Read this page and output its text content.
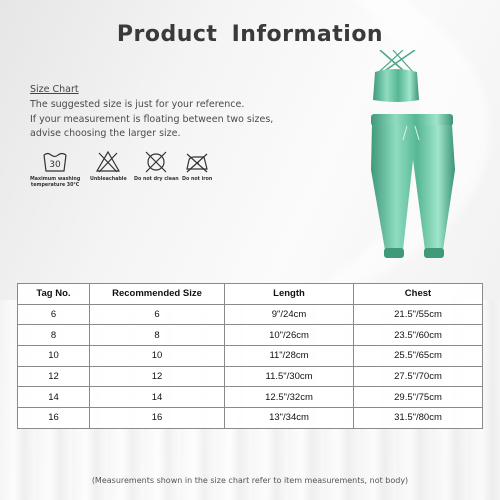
Product Information
Size Chart
The suggested size is just for your reference.
If your measurement is floating between two sizes,
advise choosing the larger size.
30
Maximum washing
temperature 30°C
Unbleachable Do not dry clean Do not iron
Tag No.	Recommended Size	Length	Chest
6	6	9"/24cm	21.5"/55cm
8	8	10"/26cm	23.5"/60cm
10	10	11"/28cm	25.5"/65cm
12	12	11.5"/30cm	27.5"/70cm
14	14	12.5"/32cm	29.5"/75cm
16	16	13"/34cm	31.5"/80cm
(Measurements shown in the size chart refer to item measurements, not body)
